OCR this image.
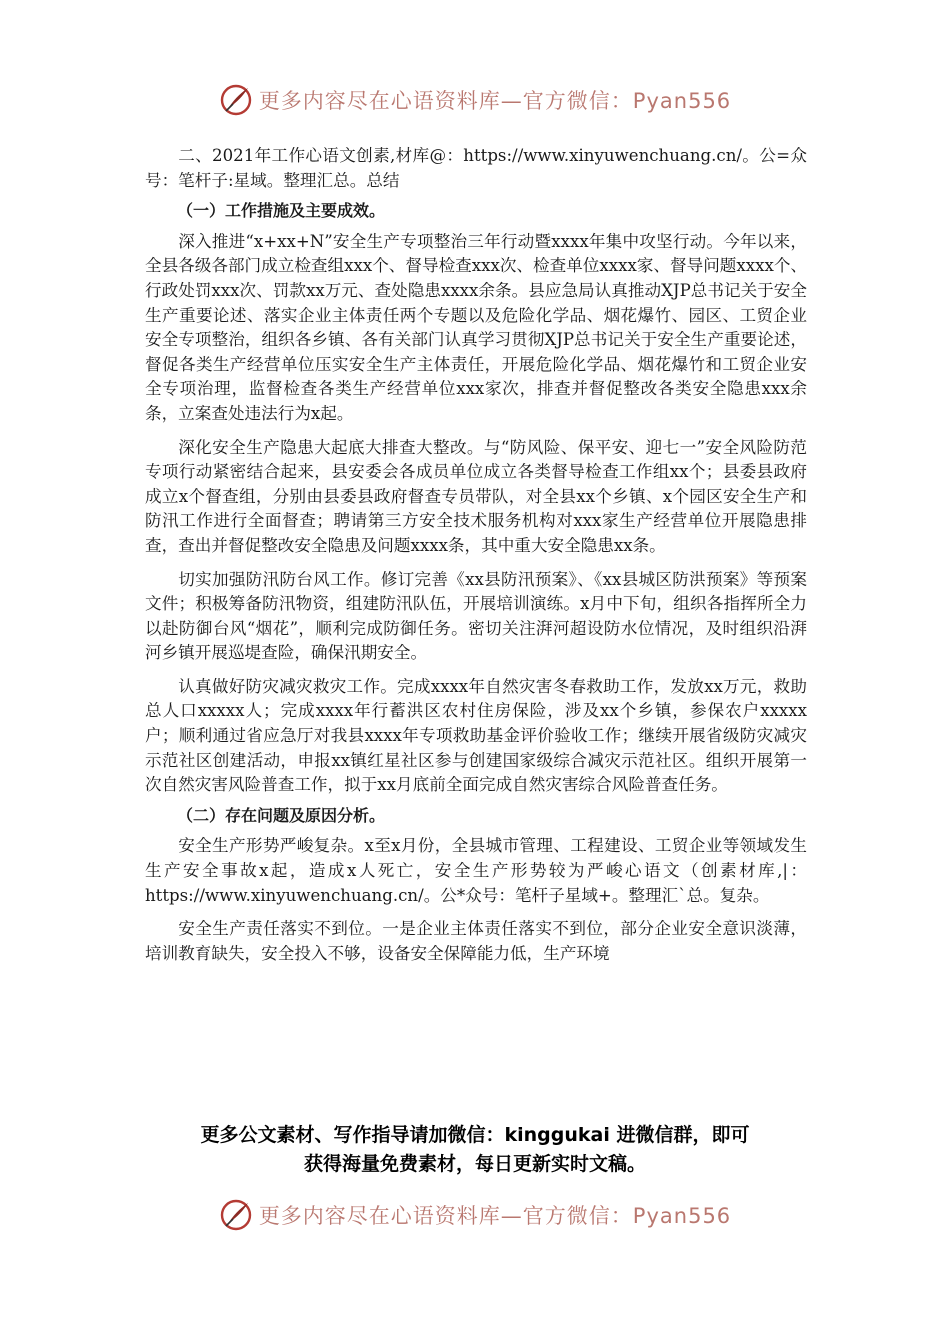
更多内容尽在心语资料库—官方微信：Pyan556

二、2021年工作心语文创素,材库@：https://www.xinyuwenchuang.cn/。公=众号：笔杆子:星域。整理汇总。总结

（一）工作措施及主要成效。

深入推进“x+xx+N”安全生产专项整治三年行动暨xxxx年集中攻坚行动。今年以来，全县各级各部门成立检查组xxx个、督导检查xxx次、检查单位xxxx家、督导问题xxxx个、行政处罚xxx次、罚款xx万元、查处隐患xxxx余条。县应急局认真推动XJP总书记关于安全生产重要论述、落实企业主体责任两个专题以及危险化学品、烟花爆竹、园区、工贸企业安全专项整治，组织各乡镇、各有关部门认真学习贯彻XJP总书记关于安全生产重要论述，督促各类生产经营单位压实安全生产主体责任，开展危险化学品、烟花爆竹和工贸企业安全专项治理，监督检查各类生产经营单位xxx家次，排查并督促整改各类安全隐患xxx余条，立案查处违法行为x起。

深化安全生产隐患大起底大排查大整改。与“防风险、保平安、迎七一”安全风险防范专项行动紧密结合起来，县安委会各成员单位成立各类督导检查工作组xx个；县委县政府成立x个督查组，分别由县委县政府督查专员带队，对全县xx个乡镇、x个园区安全生产和防汛工作进行全面督查；聘请第三方安全技术服务机构对xxx家生产经营单位开展隐患排查，查出并督促整改安全隐患及问题xxxx条，其中重大安全隐患xx条。

切实加强防汛防台风工作。修订完善《xx县防汛预案》、《xx县城区防洪预案》等预案文件；积极筹备防汛物资，组建防汛队伍，开展培训演练。x月中下旬，组织各指挥所全力以赴防御台风“烟花”，顺利完成防御任务。密切关注湃河超设防水位情况，及时组织沿湃河乡镇开展巡堤查险，确保汛期安全。

认真做好防灾减灾救灾工作。完成xxxx年自然灾害冬春救助工作，发放xx万元，救助总人口xxxxx人；完成xxxx年行蓄洪区农村住房保险，涉及xx个乡镇，参保农户xxxxx户；顺利通过省应急厅对我县xxxx年专项救助基金评价验收工作；继续开展省级防灾减灾示范社区创建活动，申报xx镇红星社区参与创建国家级综合减灾示范社区。组织开展第一次自然灾害风险普查工作，拟于xx月底前全面完成自然灾害综合风险普查任务。

（二）存在问题及原因分析。

安全生产形势严峻复杂。x至x月份，全县城市管理、工程建设、工贸企业等领域发生生产安全事故x起，造成x人死亡，安全生产形势较为严峻心语文（创素材库,|：https://www.xinyuwenchuang.cn/。公*众号：笔杆子星域+。整理汇`总。复杂。

安全生产责任落实不到位。一是企业主体责任落实不到位，部分企业安全意识淡薄，培训教育缺失，安全投入不够，设备安全保障能力低，生产环境

更多公文素材、写作指导请加微信：kinggukai 进微信群，即可
获得海量免费素材，每日更新实时文稿。
更多内容尽在心语资料库—官方微信：Pyan556
